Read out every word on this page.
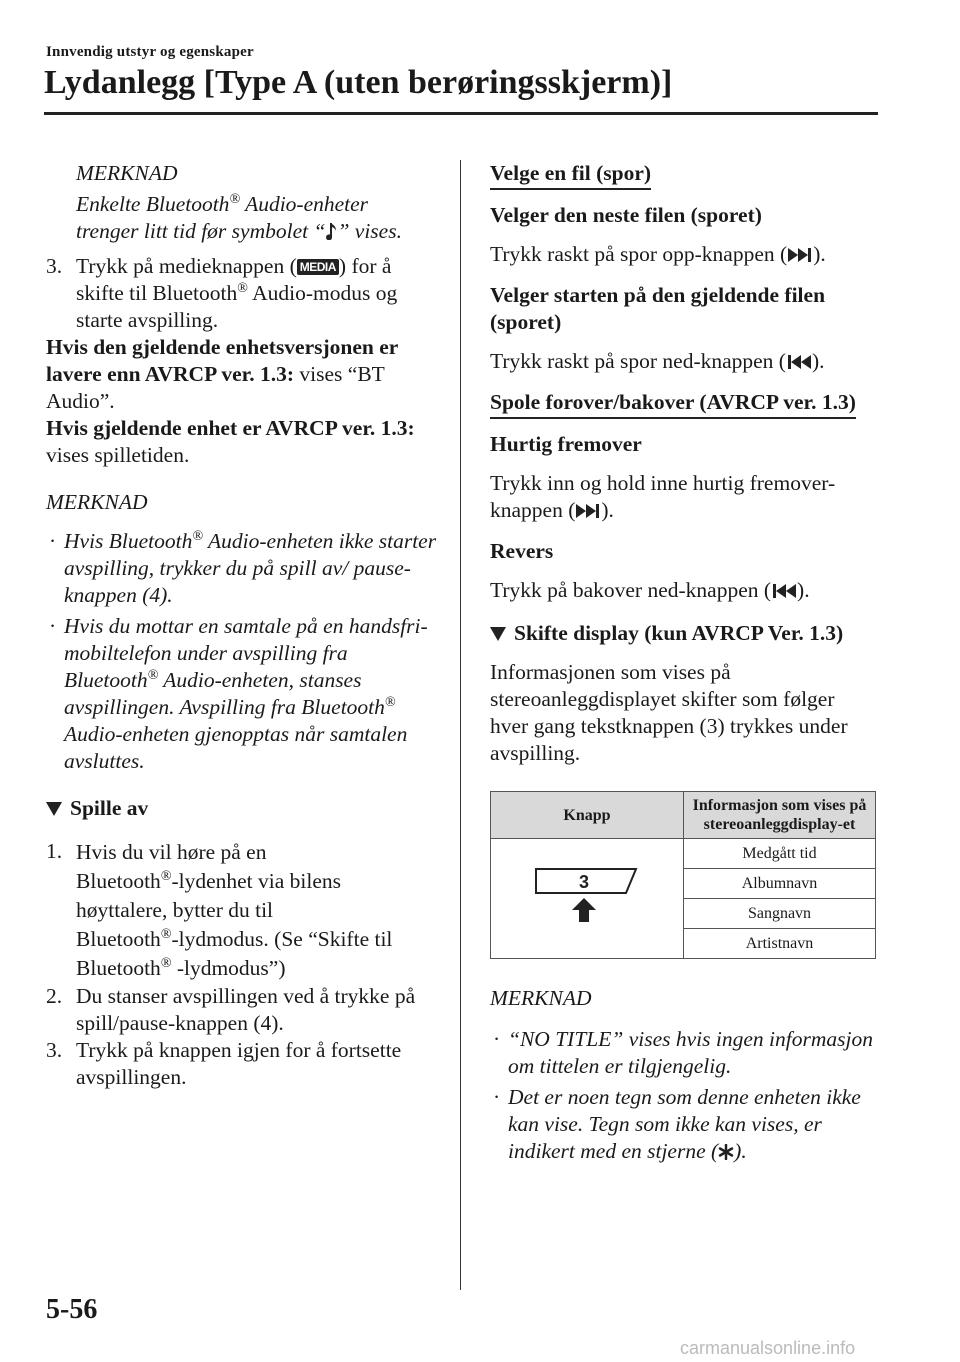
Innvendig utstyr og egenskaper
Lydanlegg [Type A (uten berøringsskjerm)]

MERKNAD

Enkelte Bluetooth® Audio-enheter
trenger litt tid før symbolet “ ” vises.

3. Trykk på medieknappen ( MEDIA ) for å
skifte til Bluetooth® Audio-modus og
starte avspilling.

Hvis den gjeldende enhetsversjonen er lavere enn AVRCP ver. 1.3: vises “BT Audio”.

Hvis gjeldende enhet er AVRCP ver. 1.3: vises spilletiden.

MERKNAD

· Hvis Bluetooth® Audio-enheten ikke starter avspilling, trykker du på spill av/ pause-knappen (4).
· Hvis du mottar en samtale på en handsfri-mobiltelefon under avspilling fra Bluetooth® Audio-enheten, stanses avspillingen. Avspilling fra Bluetooth® Audio-enheten gjenopptas når samtalen avsluttes.
Spille av
1. Hvis du vil høre på en
Bluetooth®-lydenhet via bilens
høyttalere, bytter du til
Bluetooth®-lydmodus. (Se “Skifte til
Bluetooth® -lydmodus”)

2. Du stanser avspillingen ved å trykke på spill/pause-knappen (4).

3. Trykk på knappen igjen for å fortsette avspillingen.

Velge en fil (spor)

Velger den neste filen (sporet)

Trykk raskt på spor opp-knappen ( ).

Velger starten på den gjeldende filen (sporet)

Trykk raskt på spor ned-knappen ( ).

Spole forover/bakover (AVRCP ver. 1.3)

Hurtig fremover

Trykk inn og hold inne hurtig fremover-knappen ( ).

Revers

Trykk på bakover ned-knappen ( ).

Skifte display (kun AVRCP Ver. 1.3)

Informasjonen som vises på stereoanleggdisplayet skifter som følger hver gang tekstknappen (3) trykkes under avspilling.

Knapp	Informasjon som vises på stereoanleggdisplay-et

3	Medgått tid
	Albumnavn
	Sangnavn
	Artistnavn

MERKNAD

· “NO TITLE” vises hvis ingen informasjon om tittelen er tilgjengelig.
· Det er noen tegn som denne enheten ikke kan vise. Tegn som ikke kan vises, er indikert med en stjerne ( ).
5-56
carmanualsonline.info
